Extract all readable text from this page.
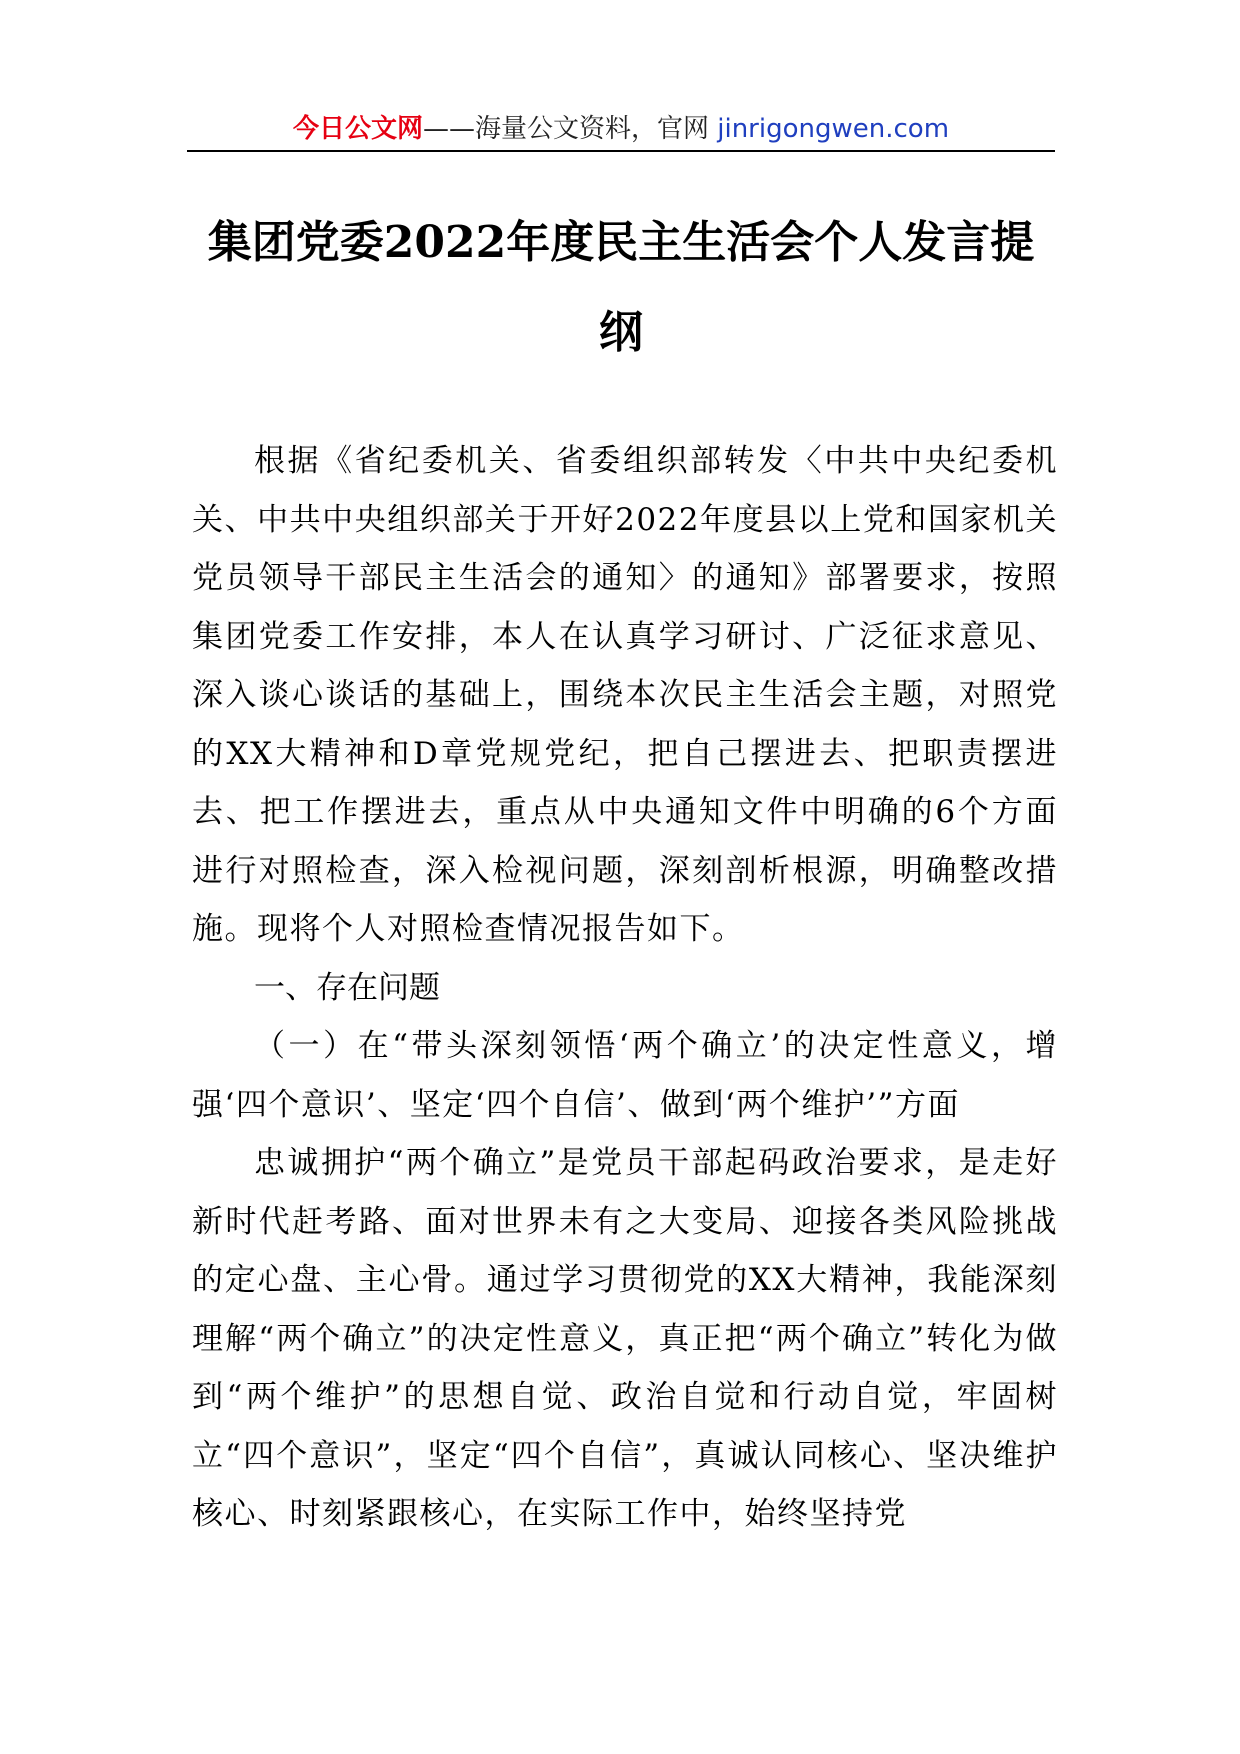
今日公文网——海量公文资料，官网 jinrigongwen.com
集团党委2022年度民主生活会个人发言提纲

根据《省纪委机关、省委组织部转发〈中共中央纪委机关、中共中央组织部关于开好2022年度县以上党和国家机关党员领导干部民主生活会的通知〉的通知》部署要求，按照集团党委工作安排，本人在认真学习研讨、广泛征求意见、深入谈心谈话的基础上，围绕本次民主生活会主题，对照党的XX大精神和D章党规党纪，把自己摆进去、把职责摆进去、把工作摆进去，重点从中央通知文件中明确的6个方面进行对照检查，深入检视问题，深刻剖析根源，明确整改措施。现将个人对照检查情况报告如下。

一、存在问题

（一）在“带头深刻领悟‘两个确立’的决定性意义，增强‘四个意识’、坚定‘四个自信’、做到‘两个维护’”方面

忠诚拥护“两个确立”是党员干部起码政治要求，是走好新时代赶考路、面对世界未有之大变局、迎接各类风险挑战的定心盘、主心骨。通过学习贯彻党的XX大精神，我能深刻理解“两个确立”的决定性意义，真正把“两个确立”转化为做到“两个维护”的思想自觉、政治自觉和行动自觉，牢固树立“四个意识”，坚定“四个自信”，真诚认同核心、坚决维护核心、时刻紧跟核心，在实际工作中，始终坚持党
